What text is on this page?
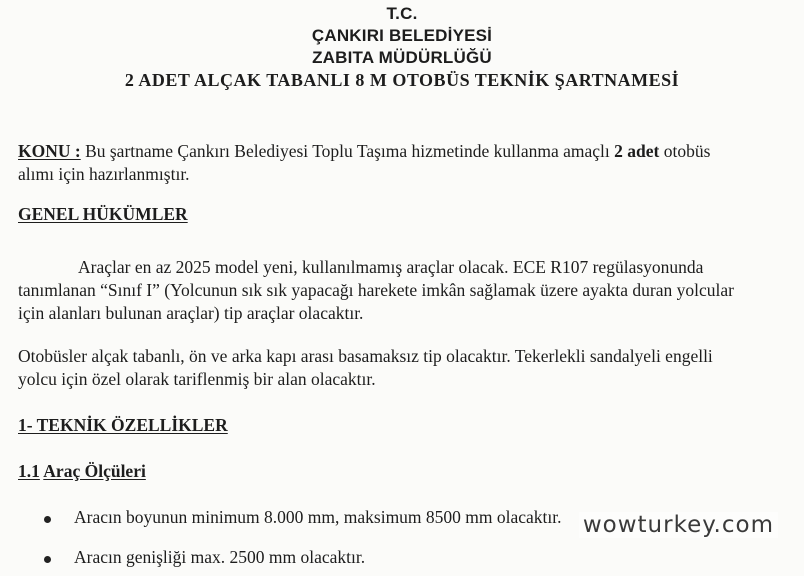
T.C.
ÇANKIRI BELEDİYESİ
ZABITA MÜDÜRLÜĞÜ
2 ADET ALÇAK TABANLI 8 M OTOBÜS TEKNİK ŞARTNAMESİ
KONU : Bu şartname Çankırı Belediyesi Toplu Taşıma hizmetinde kullanma amaçlı 2 adet otobüs
alımı için hazırlanmıştır.
GENEL HÜKÜMLER
Araçlar en az 2025 model yeni, kullanılmamış araçlar olacak. ECE R107 regülasyonunda
tanımlanan “Sınıf I” (Yolcunun sık sık yapacağı harekete imkân sağlamak üzere ayakta duran yolcular
için alanları bulunan araçlar) tip araçlar olacaktır.
Otobüsler alçak tabanlı, ön ve arka kapı arası basamaksız tip olacaktır. Tekerlekli sandalyeli engelli
yolcu için özel olarak tariflenmiş bir alan olacaktır.
1- TEKNİK ÖZELLİKLER
1.1 Araç Ölçüleri
Aracın boyunun minimum 8.000 mm, maksimum 8500 mm olacaktır.
Aracın genişliği max. 2500 mm olacaktır.
wowturkey.com
